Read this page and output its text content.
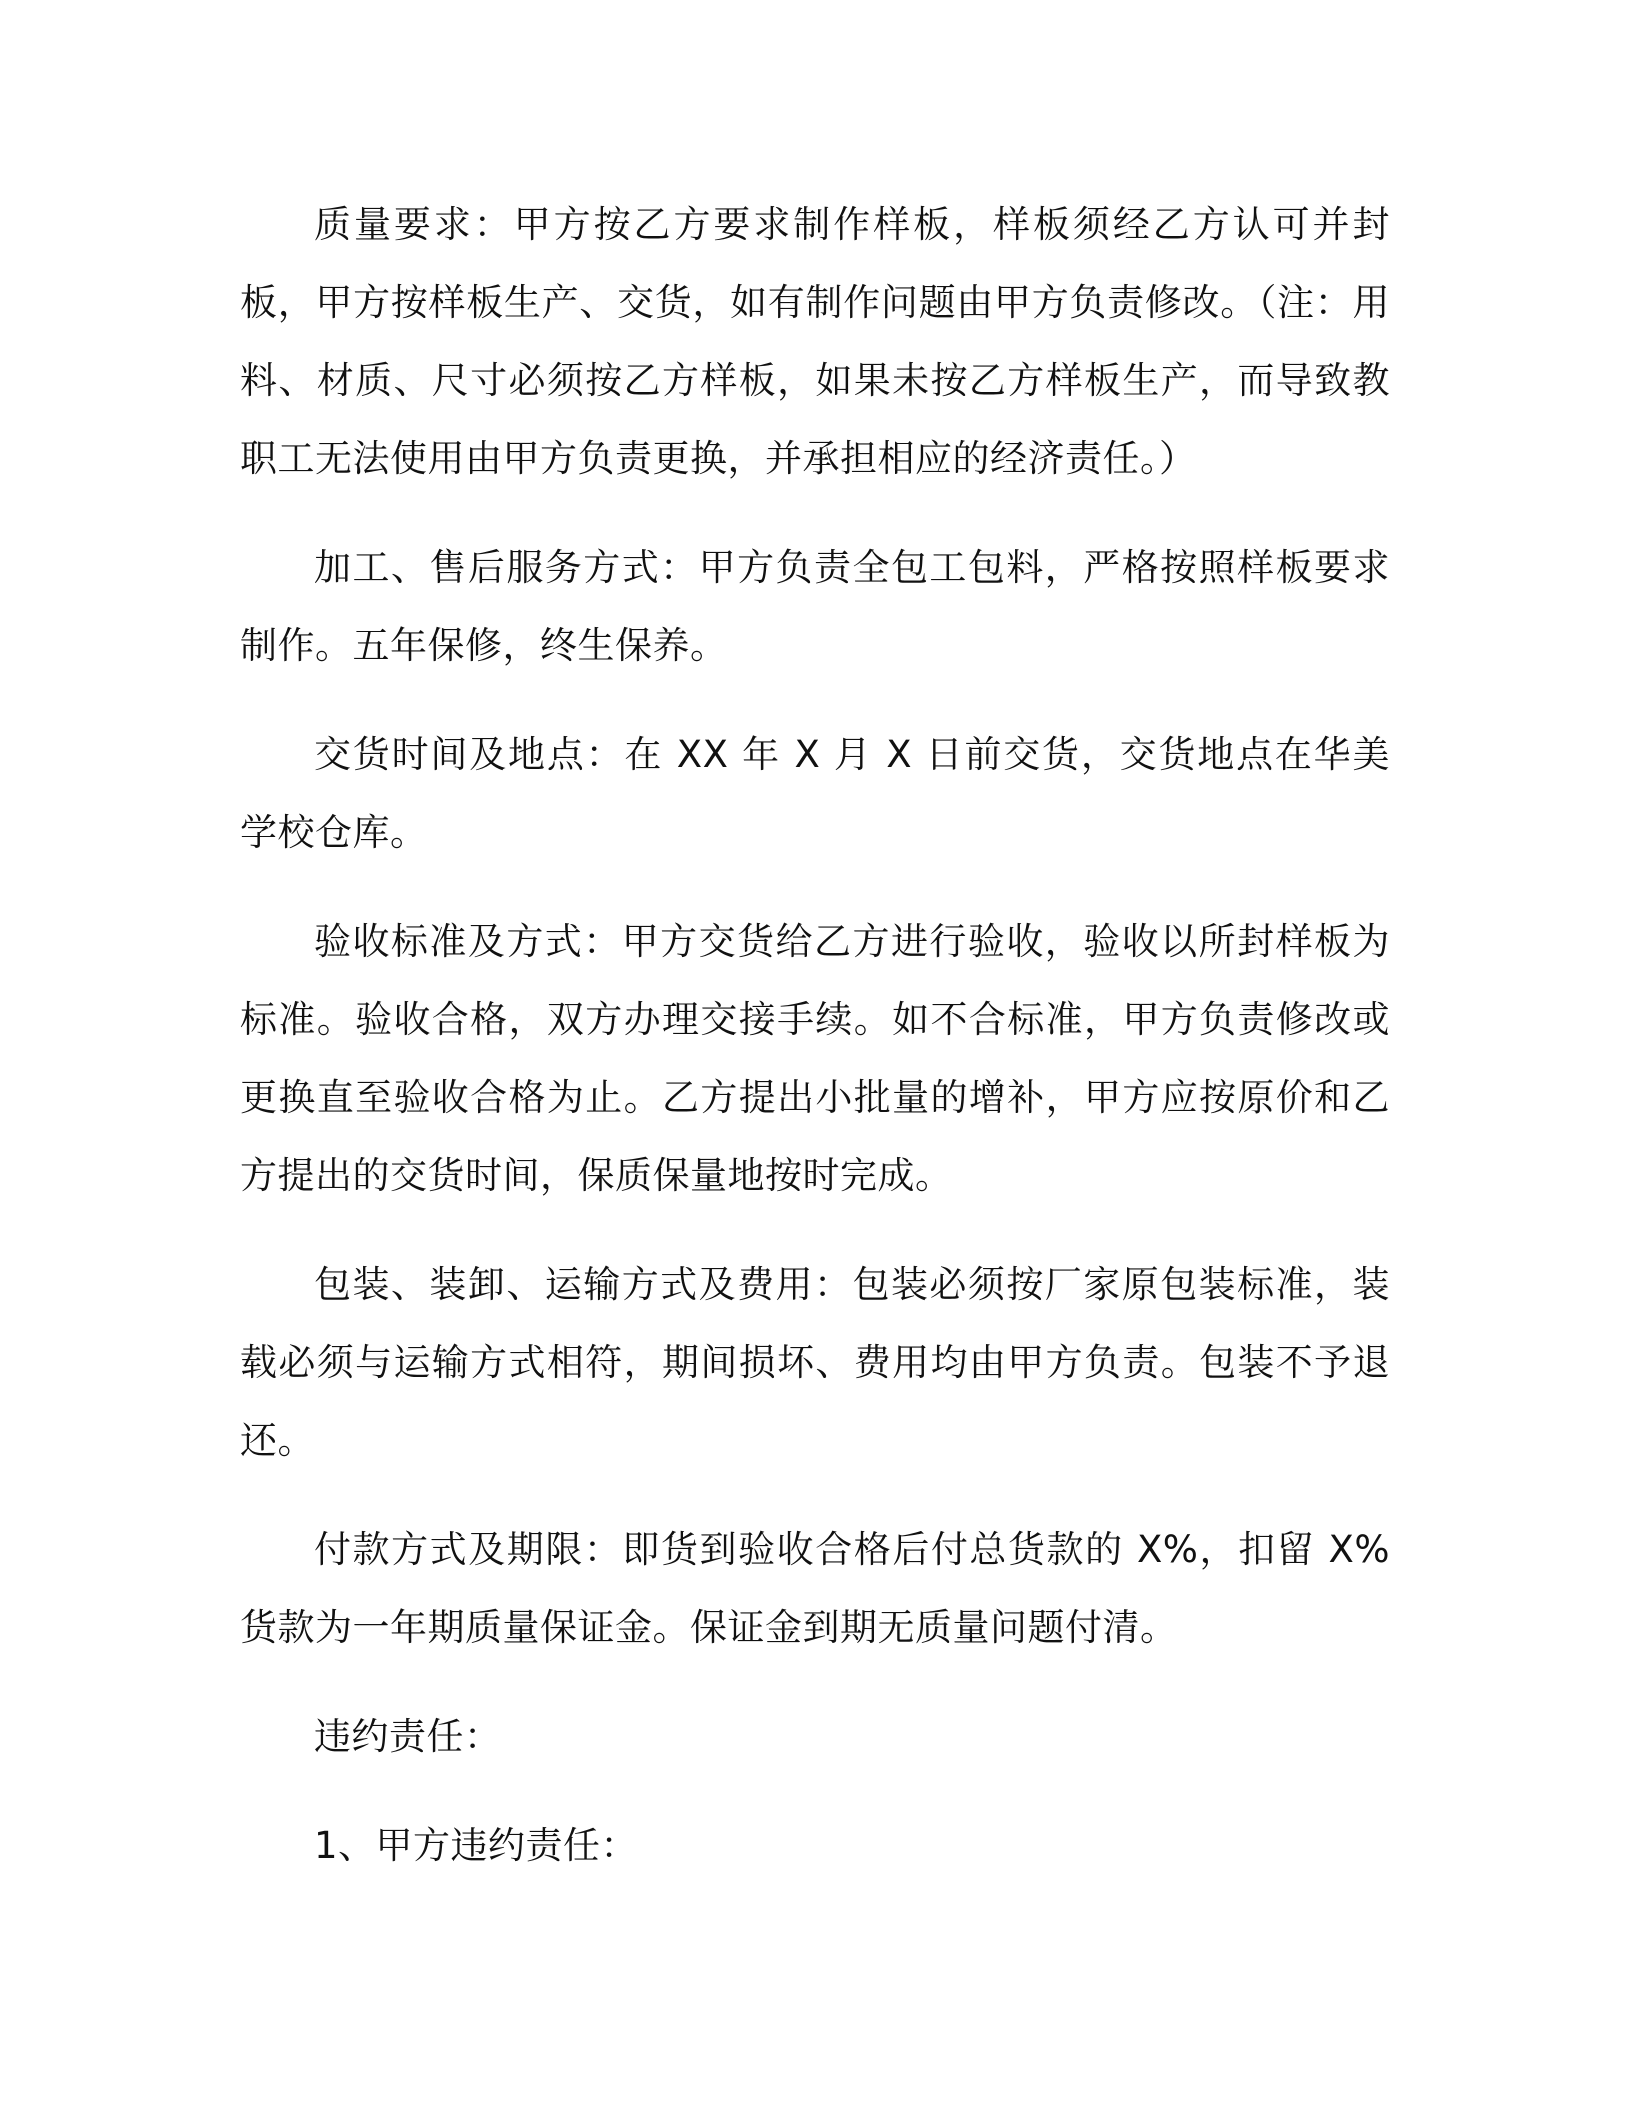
质量要求：甲方按乙方要求制作样板，样板须经乙方认可并封板，甲方按样板生产、交货，如有制作问题由甲方负责修改。（注：用料、材质、尺寸必须按乙方样板，如果未按乙方样板生产，而导致教职工无法使用由甲方负责更换，并承担相应的经济责任。）

加工、售后服务方式：甲方负责全包工包料，严格按照样板要求制作。五年保修，终生保养。

交货时间及地点：在 XX 年 X 月 X 日前交货，交货地点在华美学校仓库。

验收标准及方式：甲方交货给乙方进行验收，验收以所封样板为标准。验收合格，双方办理交接手续。如不合标准，甲方负责修改或更换直至验收合格为止。乙方提出小批量的增补，甲方应按原价和乙方提出的交货时间，保质保量地按时完成。

包装、装卸、运输方式及费用：包装必须按厂家原包装标准，装载必须与运输方式相符，期间损坏、费用均由甲方负责。包装不予退还。

付款方式及期限：即货到验收合格后付总货款的 X%，扣留 X%货款为一年期质量保证金。保证金到期无质量问题付清。

违约责任：

1、甲方违约责任：
